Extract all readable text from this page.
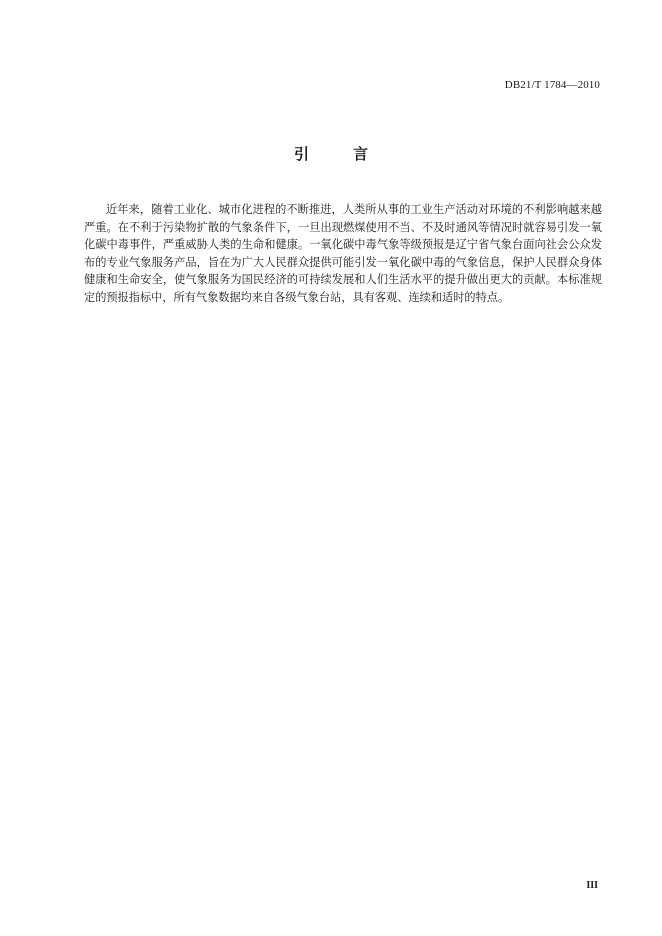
DB21/T 1784—2010
引	言

近年来，随着工业化、城市化进程的不断推进，人类所从事的工业生产活动对环境的不利影响越来越严重。在不利于污染物扩散的气象条件下，一旦出现燃煤使用不当、不及时通风等情况时就容易引发一氧化碳中毒事件，严重威胁人类的生命和健康。一氧化碳中毒气象等级预报是辽宁省气象台面向社会公众发布的专业气象服务产品，旨在为广大人民群众提供可能引发一氧化碳中毒的气象信息，保护人民群众身体健康和生命安全，使气象服务为国民经济的可持续发展和人们生活水平的提升做出更大的贡献。本标准规定的预报指标中，所有气象数据均来自各级气象台站，具有客观、连续和适时的特点。

III
